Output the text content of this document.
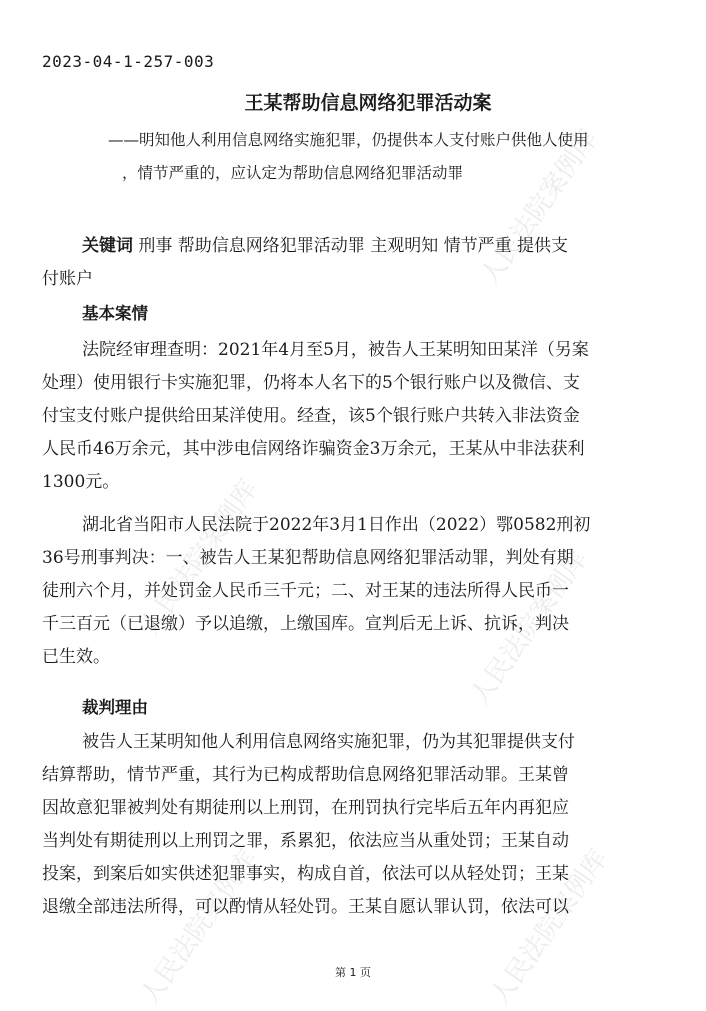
人民法院案例库
人民法院案例库	人民法院案例库
人民法院案例库	人民法院案例库
2023-04-1-257-003
王某帮助信息网络犯罪活动案
——明知他人利用信息网络实施犯罪，仍提供本人支付账户供他人使用
，情节严重的，应认定为帮助信息网络犯罪活动罪
关键词 刑事 帮助信息网络犯罪活动罪 主观明知 情节严重 提供支
付账户
基本案情
法院经审理查明：2021年4月至5月，被告人王某明知田某洋（另案
处理）使用银行卡实施犯罪，仍将本人名下的5个银行账户以及微信、支
付宝支付账户提供给田某洋使用。经查，该5个银行账户共转入非法资金
人民币46万余元，其中涉电信网络诈骗资金3万余元，王某从中非法获利
1300元。
湖北省当阳市人民法院于2022年3月1日作出（2022）鄂0582刑初
36号刑事判决：一、被告人王某犯帮助信息网络犯罪活动罪，判处有期
徒刑六个月，并处罚金人民币三千元；二、对王某的违法所得人民币一
千三百元（已退缴）予以追缴，上缴国库。宣判后无上诉、抗诉，判决
已生效。
裁判理由
被告人王某明知他人利用信息网络实施犯罪，仍为其犯罪提供支付
结算帮助，情节严重，其行为已构成帮助信息网络犯罪活动罪。王某曾
因故意犯罪被判处有期徒刑以上刑罚，在刑罚执行完毕后五年内再犯应
当判处有期徒刑以上刑罚之罪，系累犯，依法应当从重处罚；王某自动
投案，到案后如实供述犯罪事实，构成自首，依法可以从轻处罚；王某
退缴全部违法所得，可以酌情从轻处罚。王某自愿认罪认罚，依法可以
第 1 页
